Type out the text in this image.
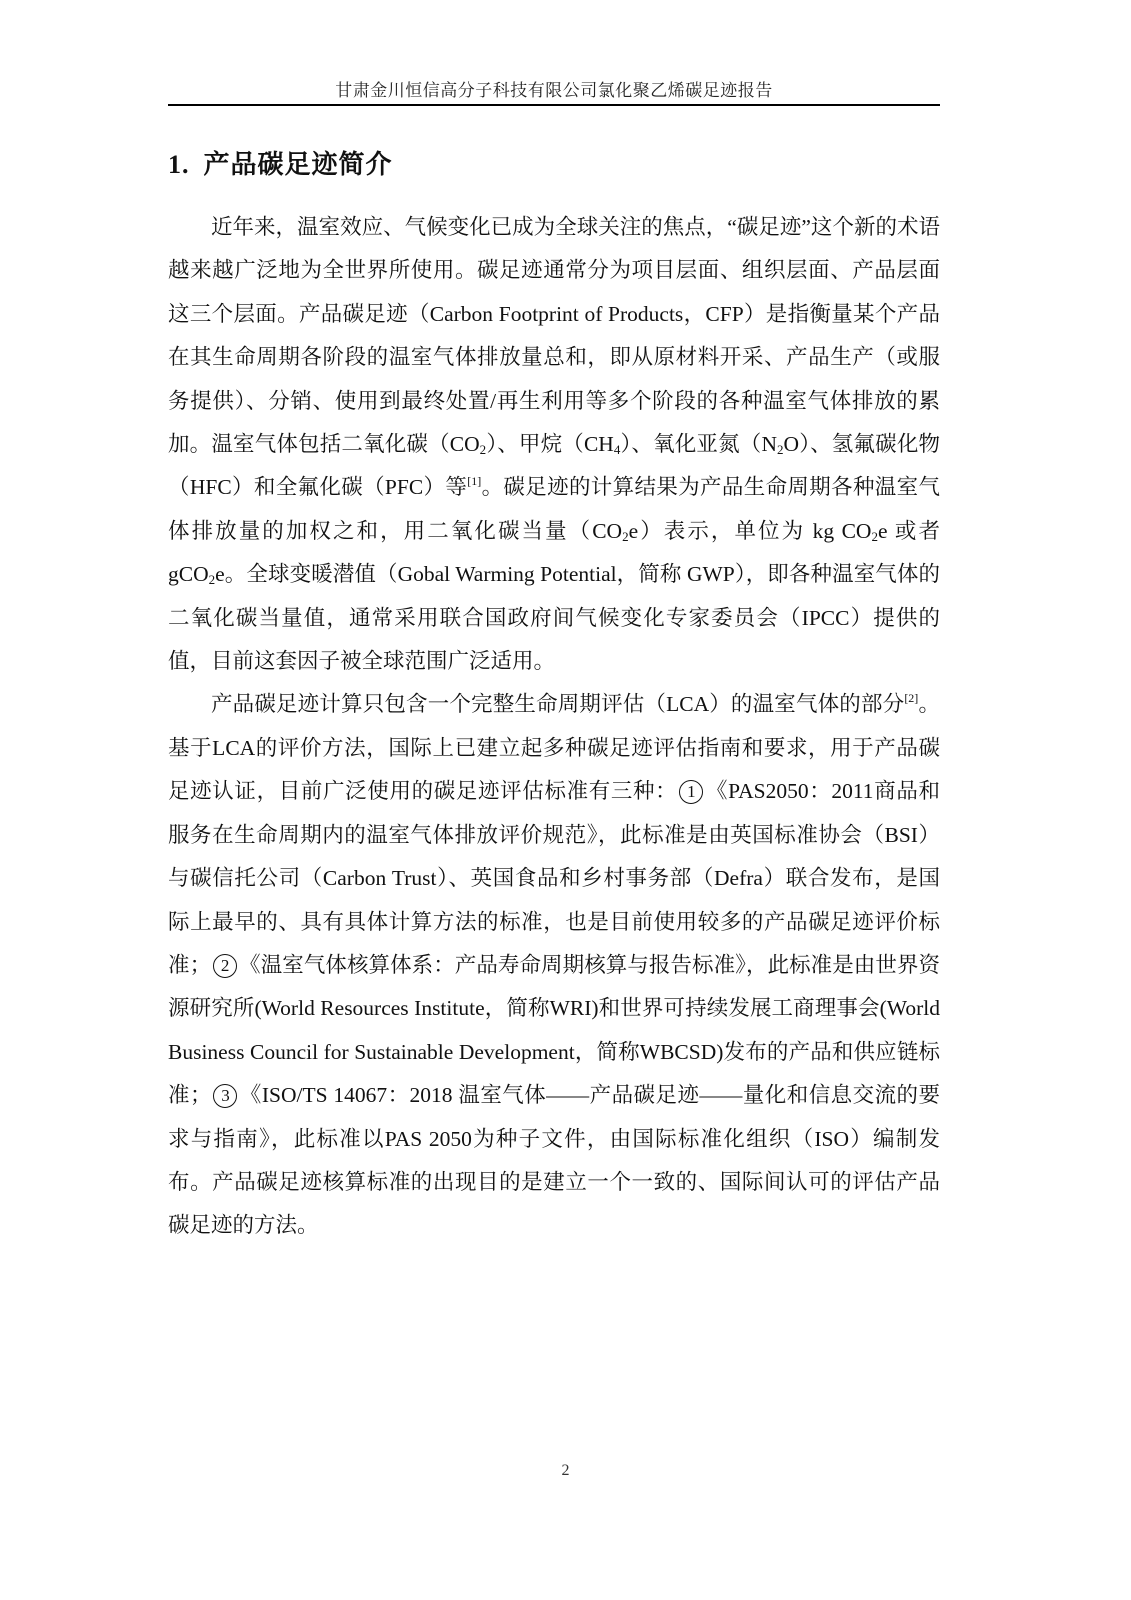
甘肃金川恒信高分子科技有限公司氯化聚乙烯碳足迹报告
1. 产品碳足迹简介

近年来，温室效应、气候变化已成为全球关注的焦点，“碳足迹”这个新的术语越来越广泛地为全世界所使用。碳足迹通常分为项目层面、组织层面、产品层面这三个层面。产品碳足迹（Carbon Footprint of Products，CFP）是指衡量某个产品在其生命周期各阶段的温室气体排放量总和，即从原材料开采、产品生产（或服务提供）、分销、使用到最终处置/再生利用等多个阶段的各种温室气体排放的累加。温室气体包括二氧化碳$(CO_2)$、甲烷$(CH_4)$、氧化亚氮$(N_2O)$、氢氟碳化物（HFC）和全氟化碳（PFC）等[1]。碳足迹的计算结果为产品生命周期各种温室气体排放量的加权之和，用二氧化碳当量$(CO_2e)$表示，单位为 kg $CO_2e$ 或者 gCO$_2$e。全球变暖潜值（Gobal Warming Potential，简称 GWP），即各种温室气体的二氧化碳当量值，通常采用联合国政府间气候变化专家委员会（IPCC）提供的值，目前这套因子被全球范围广泛适用。

产品碳足迹计算只包含一个完整生命周期评估（LCA）的温室气体的部分[2]。基于LCA的评价方法，国际上已建立起多种碳足迹评估指南和要求，用于产品碳足迹认证，目前广泛使用的碳足迹评估标准有三种： 1 《PAS2050：2011商品和服务在生命周期内的温室气体排放评价规范》，此标准是由英国标准协会（BSI）与碳信托公司（Carbon Trust）、英国食品和乡村事务部（Defra）联合发布，是国际上最早的、具有具体计算方法的标准，也是目前使用较多的产品碳足迹评价标准； 2 《温室气体核算体系：产品寿命周期核算与报告标准》，此标准是由世界资源研究所(World Resources Institute，简称WRI)和世界可持续发展工商理事会(World Business Council for Sustainable Development，简称WBCSD)发布的产品和供应链标准； 3 《ISO/TS 14067：2018 温室气体——产品碳足迹——量化和信息交流的要求与指南》，此标准以PAS 2050为种子文件，由国际标准化组织（ISO）编制发布。产品碳足迹核算标准的出现目的是建立一个一致的、国际间认可的评估产品碳足迹的方法。

2
